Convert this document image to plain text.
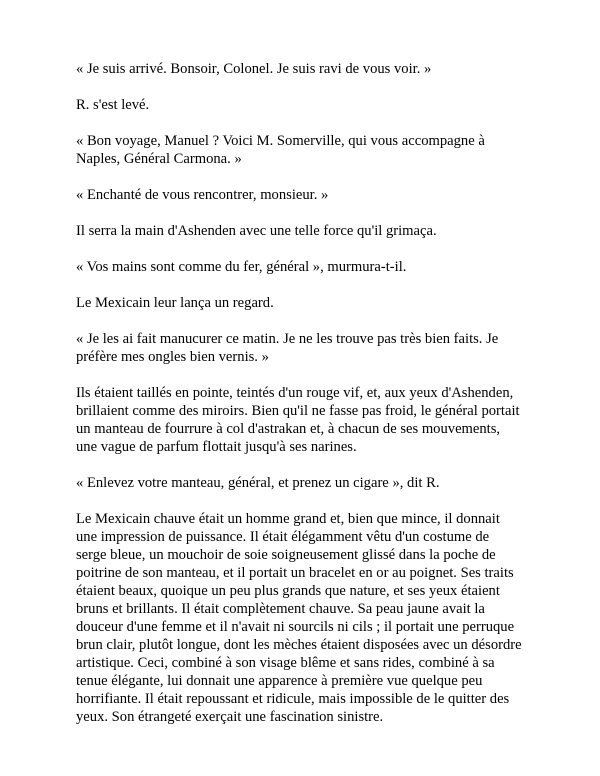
« Je suis arrivé. Bonsoir, Colonel. Je suis ravi de vous voir. »

R. s'est levé.

« Bon voyage, Manuel ? Voici M. Somerville, qui vous accompagne à
Naples, Général Carmona. »

« Enchanté de vous rencontrer, monsieur. »

Il serra la main d'Ashenden avec une telle force qu'il grimaça.

« Vos mains sont comme du fer, général », murmura-t-il.

Le Mexicain leur lança un regard.

« Je les ai fait manucurer ce matin. Je ne les trouve pas très bien faits. Je
préfère mes ongles bien vernis. »

Ils étaient taillés en pointe, teintés d'un rouge vif, et, aux yeux d'Ashenden,
brillaient comme des miroirs. Bien qu'il ne fasse pas froid, le général portait
un manteau de fourrure à col d'astrakan et, à chacun de ses mouvements,
une vague de parfum flottait jusqu'à ses narines.

« Enlevez votre manteau, général, et prenez un cigare », dit R.

Le Mexicain chauve était un homme grand et, bien que mince, il donnait
une impression de puissance. Il était élégamment vêtu d'un costume de
serge bleue, un mouchoir de soie soigneusement glissé dans la poche de
poitrine de son manteau, et il portait un bracelet en or au poignet. Ses traits
étaient beaux, quoique un peu plus grands que nature, et ses yeux étaient
bruns et brillants. Il était complètement chauve. Sa peau jaune avait la
douceur d'une femme et il n'avait ni sourcils ni cils ; il portait une perruque
brun clair, plutôt longue, dont les mèches étaient disposées avec un désordre
artistique. Ceci, combiné à son visage blême et sans rides, combiné à sa
tenue élégante, lui donnait une apparence à première vue quelque peu
horrifiante. Il était repoussant et ridicule, mais impossible de le quitter des
yeux. Son étrangeté exerçait une fascination sinistre.
